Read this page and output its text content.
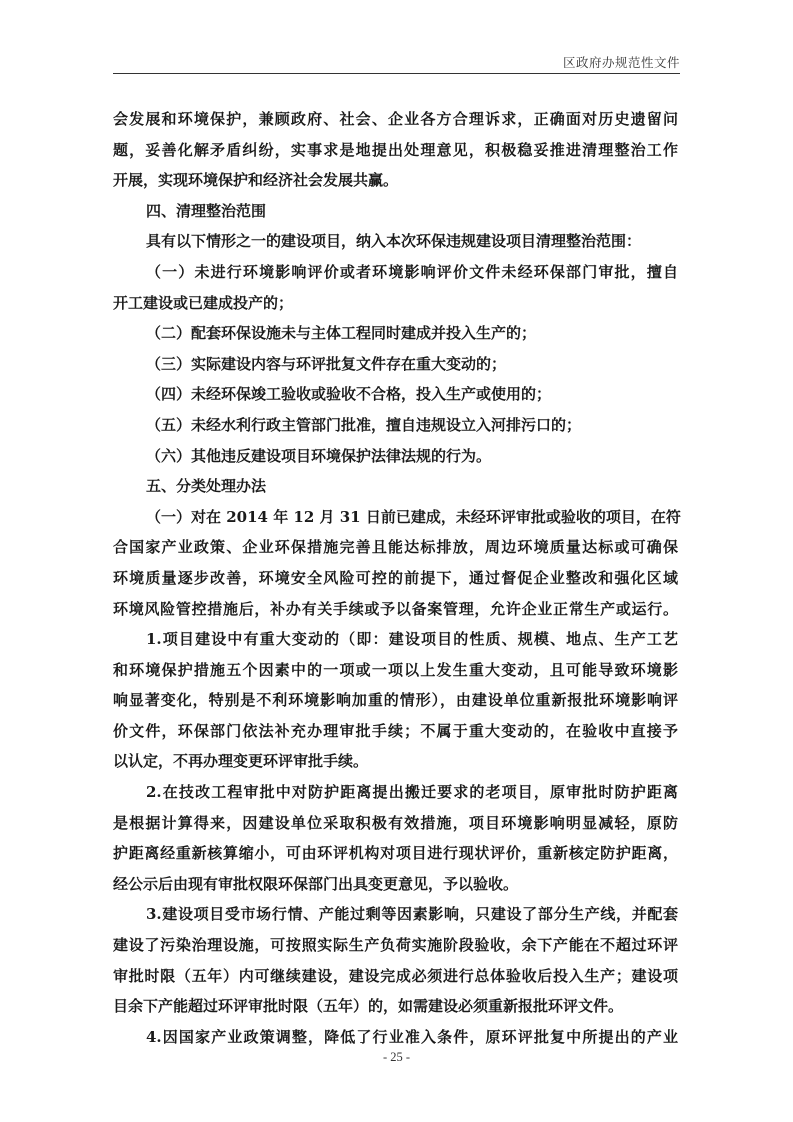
区政府办规范性文件

会发展和环境保护，兼顾政府、社会、企业各方合理诉求，正确面对历史遗留问

题，妥善化解矛盾纠纷，实事求是地提出处理意见，积极稳妥推进清理整治工作

开展，实现环境保护和经济社会发展共赢。

四、清理整治范围

具有以下情形之一的建设项目，纳入本次环保违规建设项目清理整治范围：

（一）未进行环境影响评价或者环境影响评价文件未经环保部门审批，擅自

开工建设或已建成投产的；

（二）配套环保设施未与主体工程同时建成并投入生产的；

（三）实际建设内容与环评批复文件存在重大变动的；

（四）未经环保竣工验收或验收不合格，投入生产或使用的；

（五）未经水利行政主管部门批准，擅自违规设立入河排污口的；

（六）其他违反建设项目环境保护法律法规的行为。

五、分类处理办法

（一）对在 2014 年 12 月 31 日前已建成，未经环评审批或验收的项目，在符

合国家产业政策、企业环保措施完善且能达标排放，周边环境质量达标或可确保

环境质量逐步改善，环境安全风险可控的前提下，通过督促企业整改和强化区域

环境风险管控措施后，补办有关手续或予以备案管理，允许企业正常生产或运行。

1.项目建设中有重大变动的（即：建设项目的性质、规模、地点、生产工艺

和环境保护措施五个因素中的一项或一项以上发生重大变动，且可能导致环境影

响显著变化，特别是不利环境影响加重的情形），由建设单位重新报批环境影响评

价文件，环保部门依法补充办理审批手续；不属于重大变动的，在验收中直接予

以认定，不再办理变更环评审批手续。

2.在技改工程审批中对防护距离提出搬迁要求的老项目，原审批时防护距离

是根据计算得来，因建设单位采取积极有效措施，项目环境影响明显减轻，原防

护距离经重新核算缩小，可由环评机构对项目进行现状评价，重新核定防护距离，

经公示后由现有审批权限环保部门出具变更意见，予以验收。

3.建设项目受市场行情、产能过剩等因素影响，只建设了部分生产线，并配套

建设了污染治理设施，可按照实际生产负荷实施阶段验收，余下产能在不超过环评

审批时限（五年）内可继续建设，建设完成必须进行总体验收后投入生产；建设项

目余下产能超过环评审批时限（五年）的，如需建设必须重新报批环评文件。

4.因国家产业政策调整，降低了行业准入条件，原环评批复中所提出的产业

- 25 -
